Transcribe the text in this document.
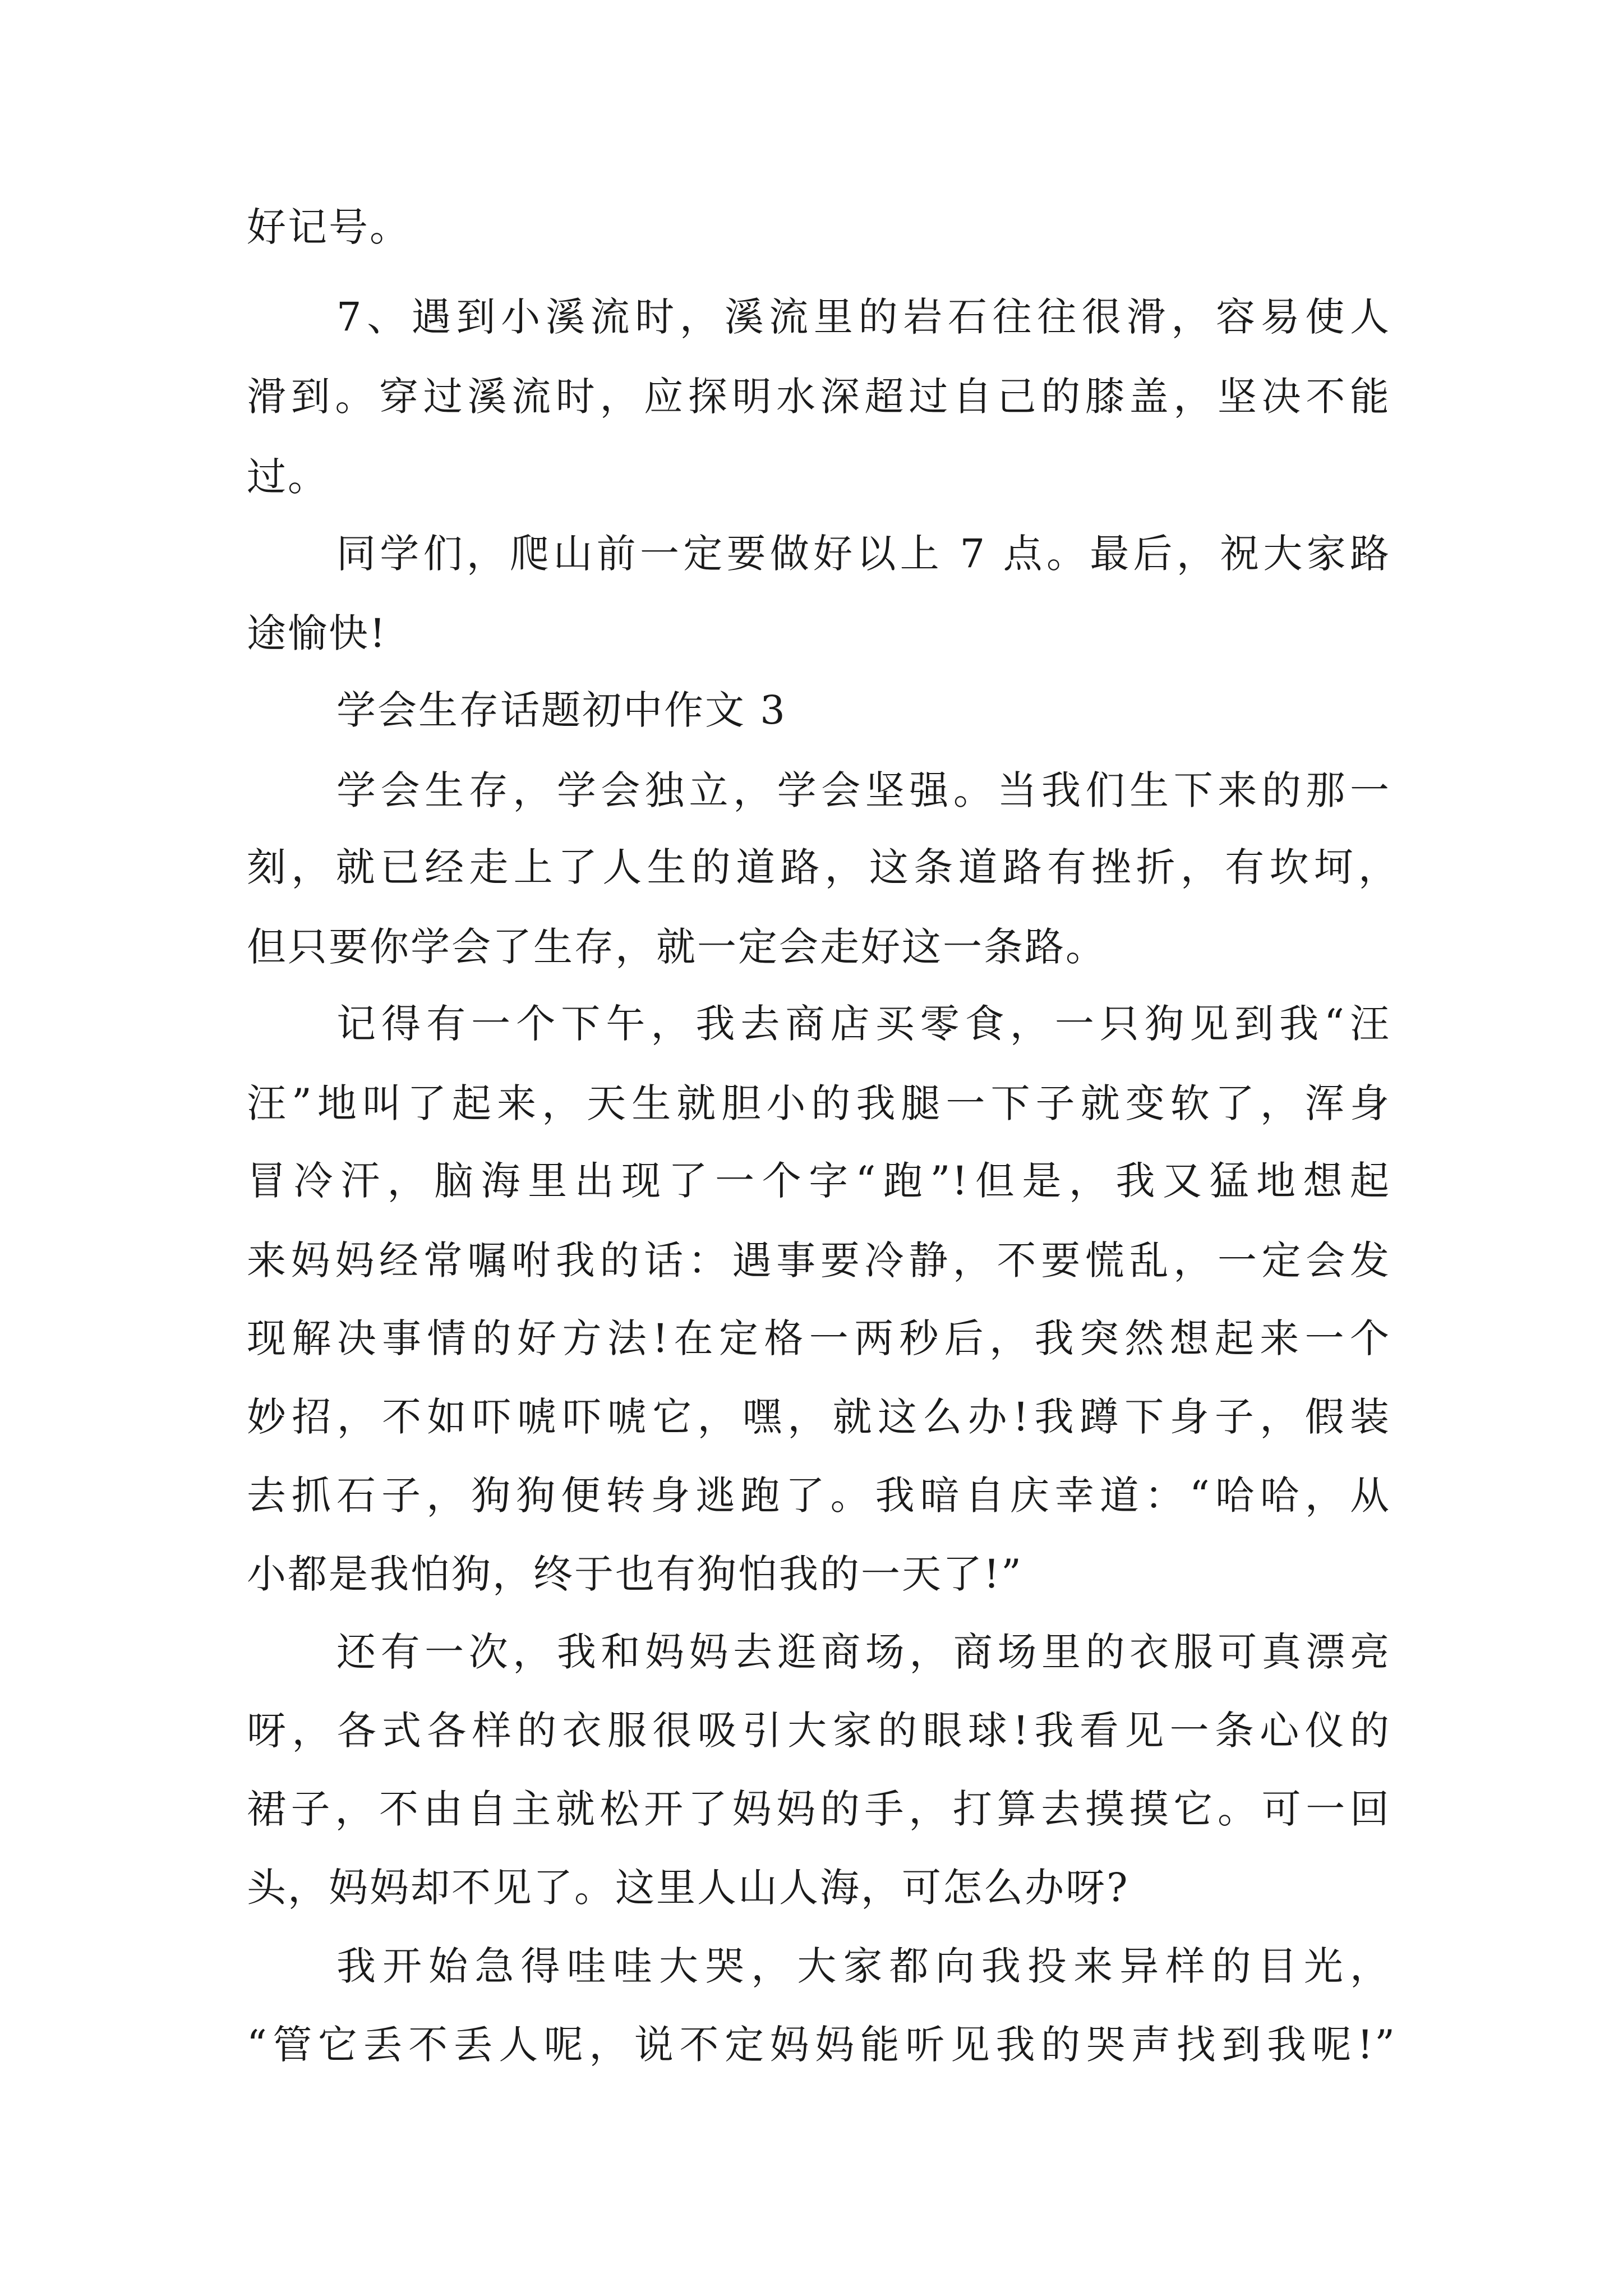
好记号。
7、遇到小溪流时，溪流里的岩石往往很滑，容易使人
滑到。穿过溪流时，应探明水深超过自己的膝盖，坚决不能
过。
同学们，爬山前一定要做好以上 7 点。最后，祝大家路
途愉快!
学会生存话题初中作文 3
学会生存，学会独立，学会坚强。当我们生下来的那一
刻，就已经走上了人生的道路，这条道路有挫折，有坎坷，
但只要你学会了生存，就一定会走好这一条路。
记得有一个下午，我去商店买零食，一只狗见到我“汪
汪”地叫了起来，天生就胆小的我腿一下子就变软了，浑身
冒冷汗，脑海里出现了一个字“跑”!但是，我又猛地想起
来妈妈经常嘱咐我的话：遇事要冷静，不要慌乱，一定会发
现解决事情的好方法!在定格一两秒后，我突然想起来一个
妙招，不如吓唬吓唬它，嘿，就这么办!我蹲下身子，假装
去抓石子，狗狗便转身逃跑了。我暗自庆幸道：“哈哈，从
小都是我怕狗，终于也有狗怕我的一天了!”
还有一次，我和妈妈去逛商场，商场里的衣服可真漂亮
呀，各式各样的衣服很吸引大家的眼球!我看见一条心仪的
裙子，不由自主就松开了妈妈的手，打算去摸摸它。可一回
头，妈妈却不见了。这里人山人海，可怎么办呀?
我开始急得哇哇大哭，大家都向我投来异样的目光，
“管它丢不丢人呢，说不定妈妈能听见我的哭声找到我呢!”
